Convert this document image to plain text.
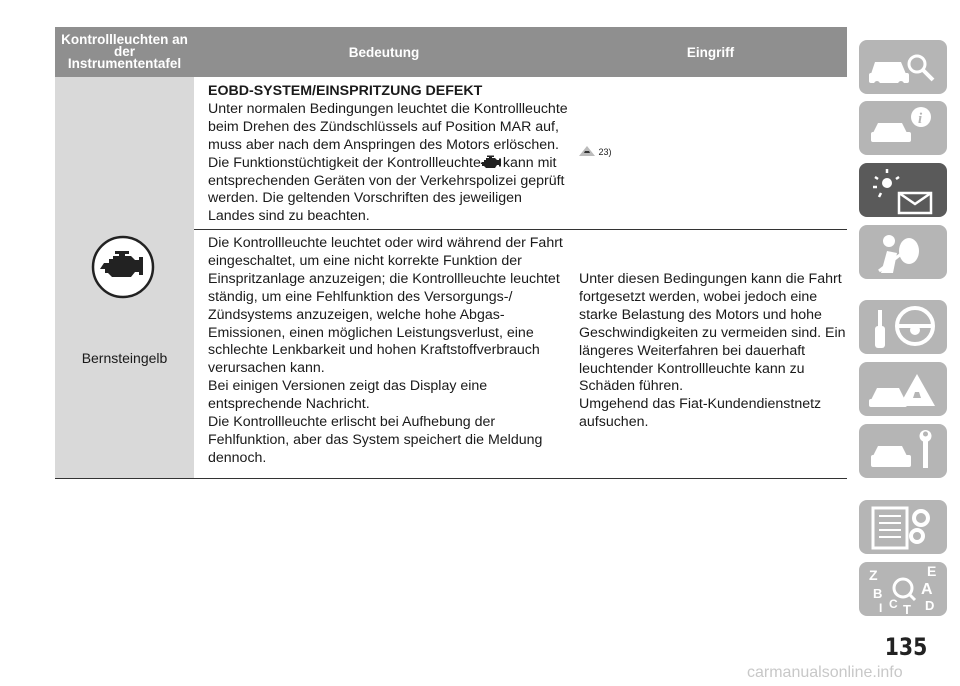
Kontrollleuchten an
der
Instrumententafel
Bedeutung	Eingriff
Bernsteingelb
EOBD-SYSTEM/EINSPRITZUNG DEFEKT
Unter normalen Bedingungen leuchtet die Kontrollleuchte
beim Drehen des Zündschlüssels auf Position MAR auf,
muss aber nach dem Anspringen des Motors erlöschen.
Die Funktionstüchtigkeit der Kontrollleuchte kann mit
entsprechenden Geräten von der Verkehrspolizei geprüft
werden. Die geltenden Vorschriften des jeweiligen
Landes sind zu beachten.
23)
Die Kontrollleuchte leuchtet oder wird während der Fahrt
eingeschaltet, um eine nicht korrekte Funktion der
Einspritzanlage anzuzeigen; die Kontrollleuchte leuchtet
ständig, um eine Fehlfunktion des Versorgungs-/
Zündsystems anzuzeigen, welche hohe Abgas-
Emissionen, einen möglichen Leistungsverlust, eine
schlechte Lenkbarkeit und hohen Kraftstoffverbrauch
verursachen kann.
Bei einigen Versionen zeigt das Display eine
entsprechende Nachricht.
Die Kontrollleuchte erlischt bei Aufhebung der
Fehlfunktion, aber das System speichert die Meldung
dennoch.
Unter diesen Bedingungen kann die Fahrt
fortgesetzt werden, wobei jedoch eine
starke Belastung des Motors und hohe
Geschwindigkeiten zu vermeiden sind. Ein
längeres Weiterfahren bei dauerhaft
leuchtender Kontrollleuchte kann zu
Schäden führen.
Umgehend das Fiat-Kundendienstnetz
aufsuchen.
i
Z	E
B A
D
I C T
135
carmanualsonline.info
